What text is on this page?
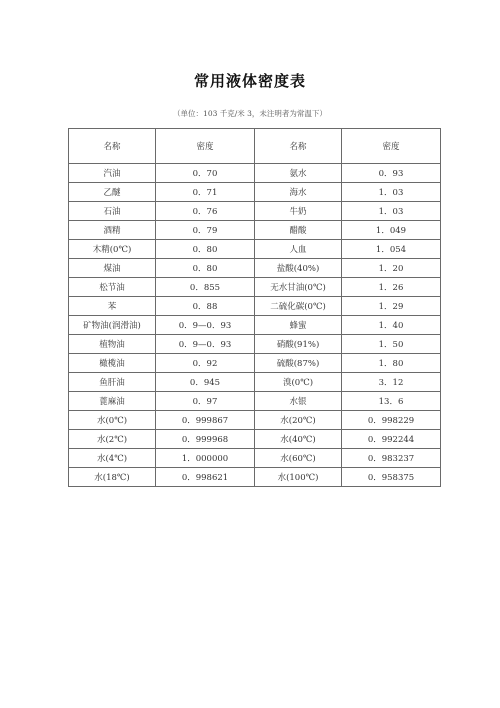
常用液体密度表
（单位：103 千克/米 3，未注明者为常温下）
名称	密度	名称	密度
汽油	0．70	氨水	0．93
乙醚	0．71	海水	1．03
石油	0．76	牛奶	1．03
酒精	0．79	醋酸	1．049
木精(0℃)	0．80	人血	1．054
煤油	0．80	盐酸(40%)	1．20
松节油	0．855	无水甘油(0℃)	1．26
苯	0．88	二硫化碳(0℃)	1．29
矿物油(润滑油)	0．9—0．93	蜂蜜	1．40
植物油	0．9—0．93	硝酸(91%)	1．50
橄榄油	0．92	硫酸(87%)	1．80
鱼肝油	0．945	溴(0℃)	3．12
蓖麻油	0．97	水银	13．6
水(0℃)	0．999867	水(20℃)	0．998229
水(2℃)	0．999968	水(40℃)	0．992244
水(4℃)	1．000000	水(60℃)	0．983237
水(18℃)	0．998621	水(100℃)	0．958375
